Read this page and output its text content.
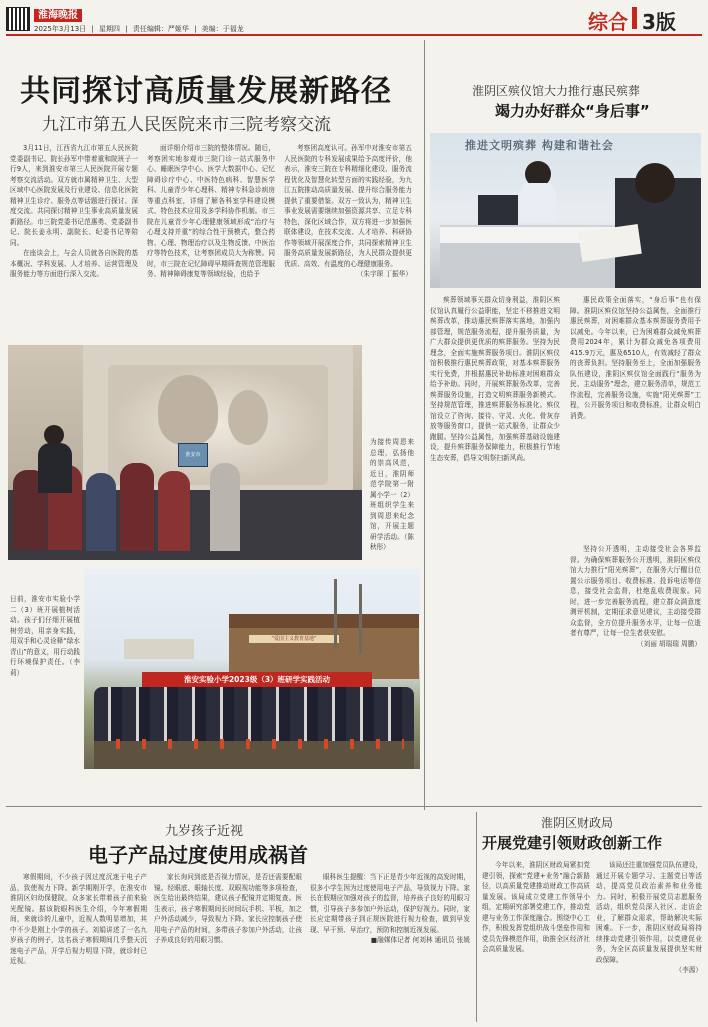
淮海晚报
2025年3月13日 | 星期四 | 责任编辑：严姬华 | 美编：于福龙	综合 3版
共同探讨高质量发展新路径
九江市第五人民医院来市三院考察交流

3月11日，江西省九江市第五人民医院党委副书记、院长孙军中带着重和院班子一行9人，来到淮安市第三人民医院开展专题考察交流活动。双方就市属精神卫生、大型区域中心医院发展及行业建设、信息化医院精神卫生诊疗、服务点等话题进行探讨、深度交流。共同探讨精神卫生事业高质量发展新路径。市三院党委书记范惠勇、党委副书记、院长姜永明、副院长、纪委书记等陪同。

在座谈会上，与会人员就各自医院的基本概况、学科发展、人才培养、运营管理及服务能力等方面进行深入交流。

面详细介绍市三院的整体情况。随后，考察团实地参观市三院门诊一站式服务中心、睡眠医学中心、医学大数据中心、记忆障碍诊疗中心、中医特色病科、智慧医学科、儿童青少年心理科、精神专科急诊病房等重点科室，详细了解各科室学科建设模式、特色技术应用及多学科协作机制。市三院在儿童青少年心理健康领域形成“治疗与心理支持并重”的综合性干预模式，整合药物、心理、物理治疗以及生物反馈、中医治疗等特色技术，让考察团成员大为称赞。同时，市三院在记忆障碍早期筛查规范管理服务、精神障碍康复等领域经验，也给予

考察团高度认可。孙军中对淮安市第五人民医院的专科发展成果给予高度评价，他表示，淮安三院在专科精细化建设、服务流程优化及智慧化转型方面的实践经验，为九江五院推动高质量发展、提升综合服务能力提供了重要借鉴。双方一致认为，精神卫生事业发展需要继续加强资源共享、立足专科特色，深化区域合作，双方将进一步加强医联体建设，在技术交流、人才培养、科研协作等领域开展深度合作，共同探索精神卫生服务高质量发展新路径，为人民群众提供更优质、高效、有温度的心理健康服务。

（朱宇琛 丁振华）

淮安市
为接传周恩来总理，弘扬他的崇高风范，近日，淮阴师范学院第一附属小学一（2）班组织学生来到周恩来纪念馆，开展主题研学活动。（陈秋彤）
“爱国主义教育基地”
淮安实验小学2023级（3）班研学实践活动
日前，淮安市实验小学二（3）班开展植树活动。孩子们仔细开展植树劳动，用亲身实践，用双手和心灵诠释“绿水青山”的意义，用行动践行环境保护责任。（李莉）
淮阴区殡仪馆大力推行惠民殡葬
竭力办好群众“身后事”
推进文明殡葬 构建和谐社会

殡葬领域事关群众切身利益，淮阴区殡仪馆认真履行公益职能，坚定不移推进文明殡葬改革，推动惠民殡葬落实落地，加强内部管理，规范服务流程，提升服务质量，为广大群众提供更优质的殡葬服务。坚持为民理念，全面实施殡葬服务项目。淮阴区殡仪馆积极推行惠民殡葬政策，对基本殡葬服务实行免费，并根据惠民补助标准对困难群众给予补助。同时，开展殡葬服务改革，完善殡葬服务设施，打造文明殡葬服务新模式。坚持规范管理，推进殡葬服务标准化。殡仪馆设立了咨询、接待、守灵、火化、骨灰存放等服务窗口，提供一站式服务，让群众少跑腿。坚持公益属性，加强殡葬基础设施建设，提升殡葬服务保障能力，积极推行节地生态安葬，倡导文明祭扫新风尚。

惠民政策全面落实，“身后事”也有保障。淮阴区殡仪馆坚持公益属性，全面推行惠民殡葬，对困难群众基本殡葬服务费用予以减免。今年以来，已为困难群众减免殡葬费用2024年，累计为群众减免各项费用415.9万元，惠及6510人，有效减轻了群众的丧葬负担。坚持服务至上，全面加强服务队伍建设，淮阴区殡仪馆全面践行“服务为民、主动服务”理念，建立服务清单，规范工作流程，完善服务设施，实施“阳光殡葬”工程，公开服务项目和收费标准，让群众明白消费。

坚持公开透明，主动接受社会各界监督。为确保殡葬服务公开透明，淮阴区殡仪馆大力推行“阳光殡葬”，在服务大厅醒目位置公示服务项目、收费标准、投诉电话等信息，接受社会监督，杜绝乱收费现象。同时，进一步完善服务流程，建立群众满意度测评机制，定期征求意见建议，主动接受群众监督，全方位提升服务水平，让每一位逝者有尊严，让每一位生者获安慰。

（刘丽 胡瑞瑞 周鹏）

九岁孩子近视
电子产品过度使用成祸首

寒假期间，不少孩子因过度沉迷于电子产品，致使视力下降。新学期刚开学，在淮安市淮阴区妇幼保健院，众多家长带着孩子前来验光配镜。据该院眼科医生介绍，今年寒假期间，来就诊的儿童中，近视人数明显增加，其中不少是刚上小学的孩子。刘娟讲述了一名九岁孩子的例子，这名孩子寒假期间几乎整天沉迷电子产品，开学后视力明显下降，就诊时已近视。

家长询问到底是否视力情况，是否还需要配眼镜。经眼底、眼轴长度、双眼视功能等多项检查，医生给出最终结果，建议孩子配镜并定期复查。医生表示，孩子寒假期间长时间玩手机、平板，加之户外活动减少，导致视力下降。家长应控制孩子使用电子产品的时间，多带孩子参加户外活动，让孩子养成良好的用眼习惯。

眼科医生提醒：当下正是青少年近视的高发时期，很多小学生因为过度使用电子产品，导致视力下降。家长在假期应加强对孩子的监督，培养孩子良好的用眼习惯，引导孩子多参加户外运动，保护好视力。同时，家长应定期带孩子到正规医院进行视力检查，做到早发现、早干预、早治疗，预防和控制近视发展。

■融媒体记者 何刘林 通讯员 张媛

淮阴区财政局
开展党建引领财政创新工作

今年以来，淮阴区财政局紧扣党建引领，探索“党建+业务”融合新路径，以高质量党建推动财政工作高质量发展。该局成立党建工作领导小组，定期研究部署党建工作，推动党建与业务工作深度融合。围绕中心工作，积极发挥党组织战斗堡垒作用和党员先锋模范作用，助推全区经济社会高质量发展。

该局还注重加强党员队伍建设，通过开展专题学习、主题党日等活动，提高党员政治素养和业务能力。同时，积极开展党员志愿服务活动，组织党员深入社区、走访企业，了解群众需求，帮助解决实际困难。下一步，淮阴区财政局将持续推动党建引领作用，以党建促业务，为全区高质量发展提供坚实财政保障。

（李源）
